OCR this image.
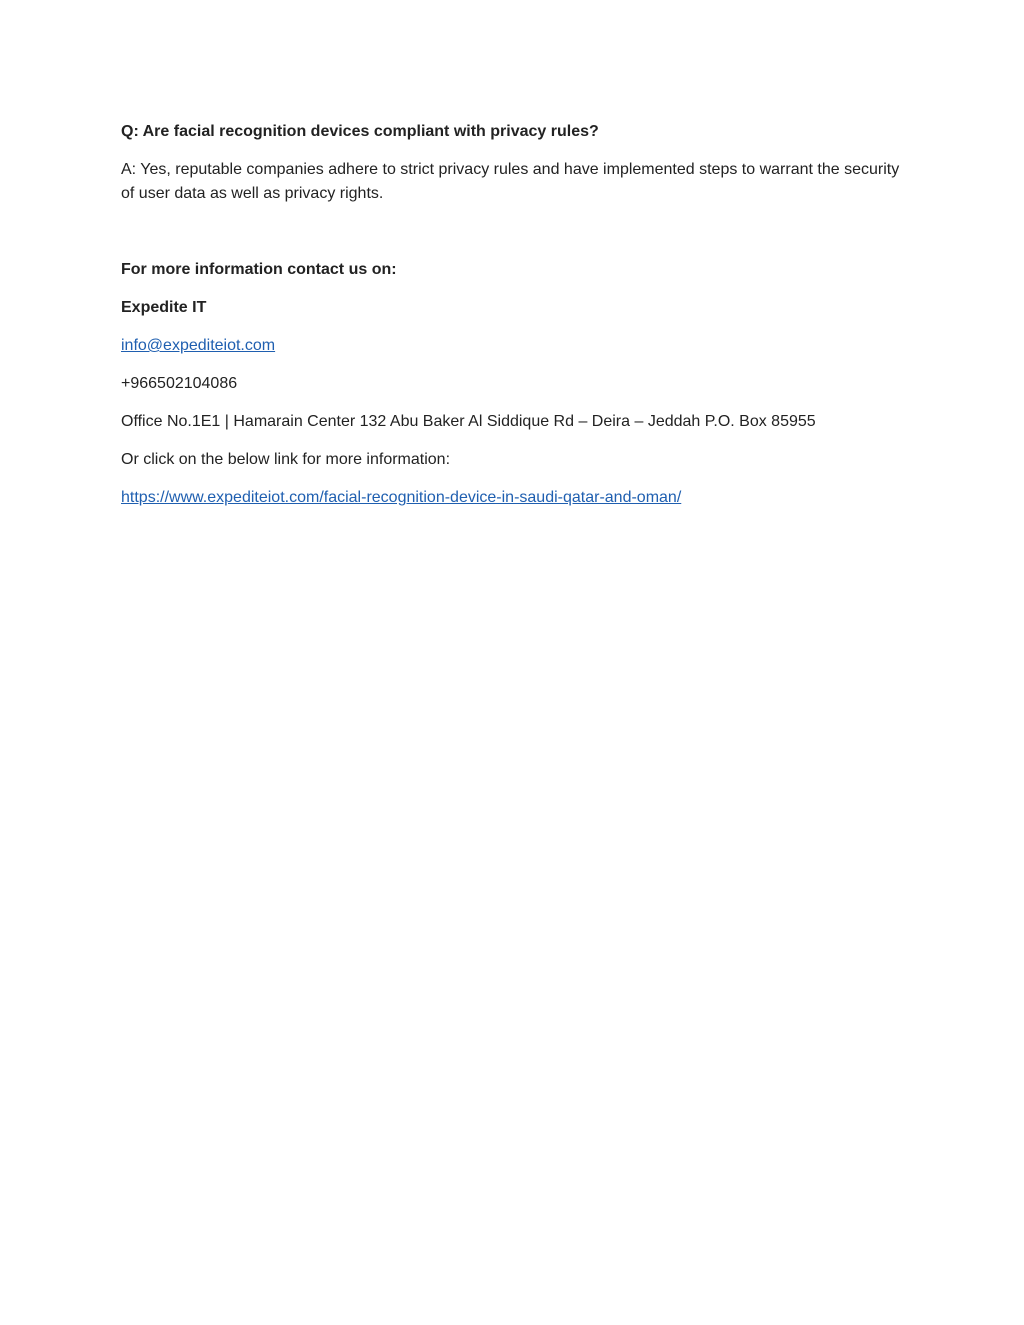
Q: Are facial recognition devices compliant with privacy rules?

A: Yes, reputable companies adhere to strict privacy rules and have implemented steps to warrant the security of user data as well as privacy rights.

For more information contact us on:

Expedite IT

info@expediteiot.com

+966502104086

Office No.1E1 | Hamarain Center 132 Abu Baker Al Siddique Rd – Deira – Jeddah P.O. Box 85955

Or click on the below link for more information:

https://www.expediteiot.com/facial-recognition-device-in-saudi-qatar-and-oman/
